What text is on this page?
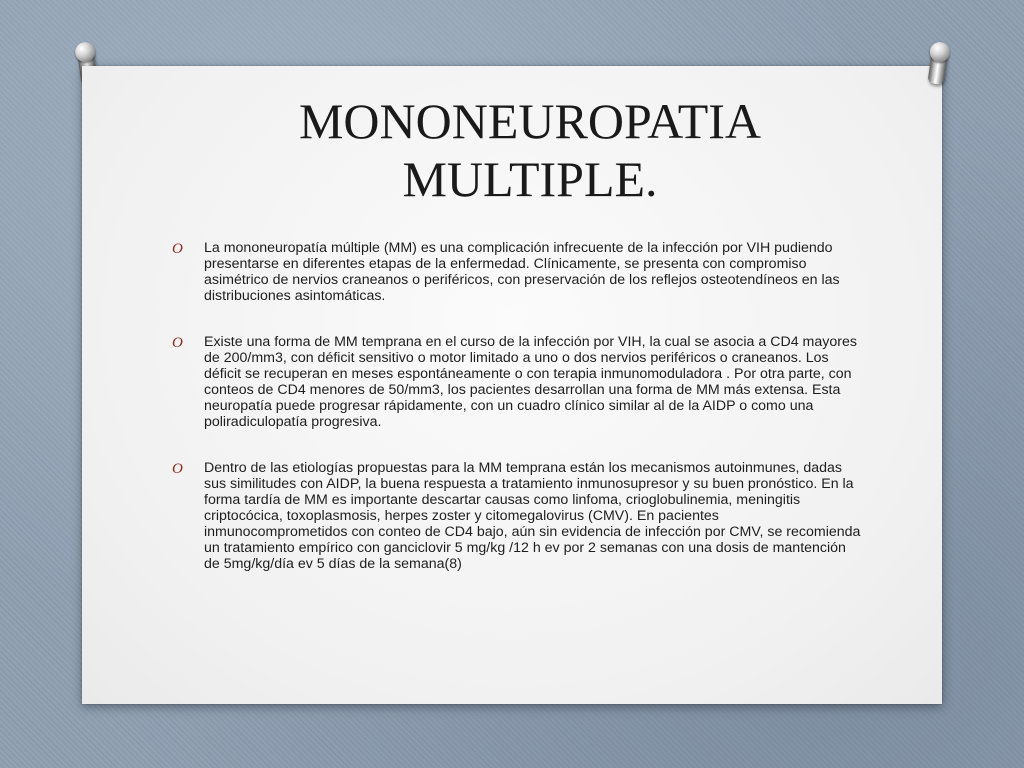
MONONEUROPATIA
MULTIPLE.
O La mononeuropatía múltiple (MM) es una complicación infrecuente de la infección por VIH pudiendo presentarse en diferentes etapas de la enfermedad. Clínicamente, se presenta con compromiso asimétrico de nervios craneanos o periféricos, con preservación de los reflejos osteotendíneos en las distribuciones asintomáticas.
O Existe una forma de MM temprana en el curso de la infección por VIH, la cual se asocia a CD4 mayores de 200/mm3, con déficit sensitivo o motor limitado a uno o dos nervios periféricos o craneanos. Los déficit se recuperan en meses espontáneamente o con terapia inmunomoduladora . Por otra parte, con conteos de CD4 menores de 50/mm3, los pacientes desarrollan una forma de MM más extensa. Esta neuropatía puede progresar rápidamente, con un cuadro clínico similar al de la AIDP o como una poliradiculopatía progresiva.
O Dentro de las etiologías propuestas para la MM temprana están los mecanismos autoinmunes, dadas sus similitudes con AIDP, la buena respuesta a tratamiento inmunosupresor y su buen pronóstico. En la forma tardía de MM es importante descartar causas como linfoma, crioglobulinemia, meningitis criptocócica, toxoplasmosis, herpes zoster y citomegalovirus (CMV). En pacientes inmunocomprometidos con conteo de CD4 bajo, aún sin evidencia de infección por CMV, se recomienda un tratamiento empírico con ganciclovir 5 mg/kg /12 h ev por 2 semanas con una dosis de mantención de 5mg/kg/día ev 5 días de la semana(8)
